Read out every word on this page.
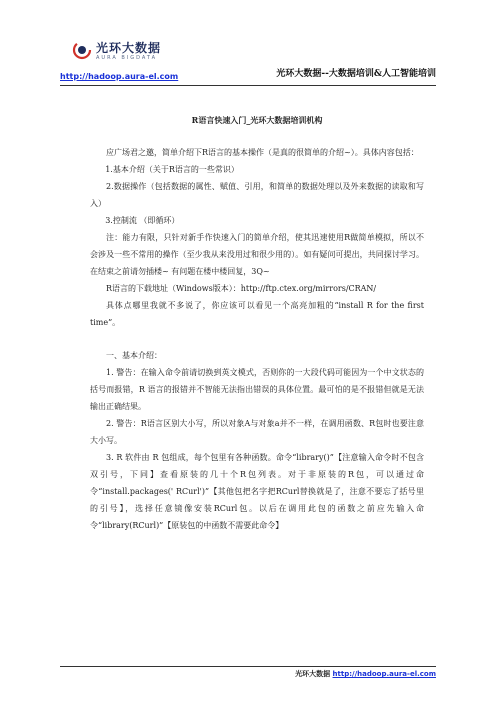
光环大数据
AURA BIGDATA
http://hadoop.aura-el.com	光环大数据--大数据培训&人工智能培训

R语言快速入门_光环大数据培训机构

应广场君之邀，简单介绍下R语言的基本操作（是真的很简单的介绍~）。具体内容包括：

1.基本介绍（关于R语言的一些常识）

2.数据操作（包括数据的属性、赋值、引用，和简单的数据处理以及外来数据的读取和写入）

3.控制流 （即循环）

注：能力有限，只针对新手作快速入门的简单介绍，使其迅速使用R做简单模拟，所以不会涉及一些不常用的操作（至少我从来没用过和很少用的）。如有疑问可提出，共同探讨学习。在结束之前请勿插楼~ 有问题在楼中楼回复，3Q~

R语言的下载地址（Windows版本）：http://ftp.ctex.org/mirrors/CRAN/

具体点哪里我就不多说了，你应该可以看见一个高亮加粗的“install R for the first time”。

一、基本介绍：

1. 警告：在输入命令前请切换到英文模式，否则你的一大段代码可能因为一个中文状态的括号而报错，R 语言的报错并不智能无法指出错误的具体位置。最可怕的是不报错但就是无法输出正确结果。

2. 警告：R语言区别大小写，所以对象A与对象a并不一样，在调用函数、R包时也要注意大小写。

3. R 软件由 R 包组成，每个包里有各种函数。命令“library()”【注意输入命令时不包含双引号，下同】查看原装的几十个R包列表。对于非原装的R包，可以通过命令“install.packages(' RCurl')”【其他包把名字把RCurl替换就是了，注意不要忘了括号里的引号】，选择任意镜像安装RCurl包。以后在调用此包的函数之前应先输入命令“library(RCurl)”【原装包的中函数不需要此命令】

光环大数据 http://hadoop.aura-el.com
